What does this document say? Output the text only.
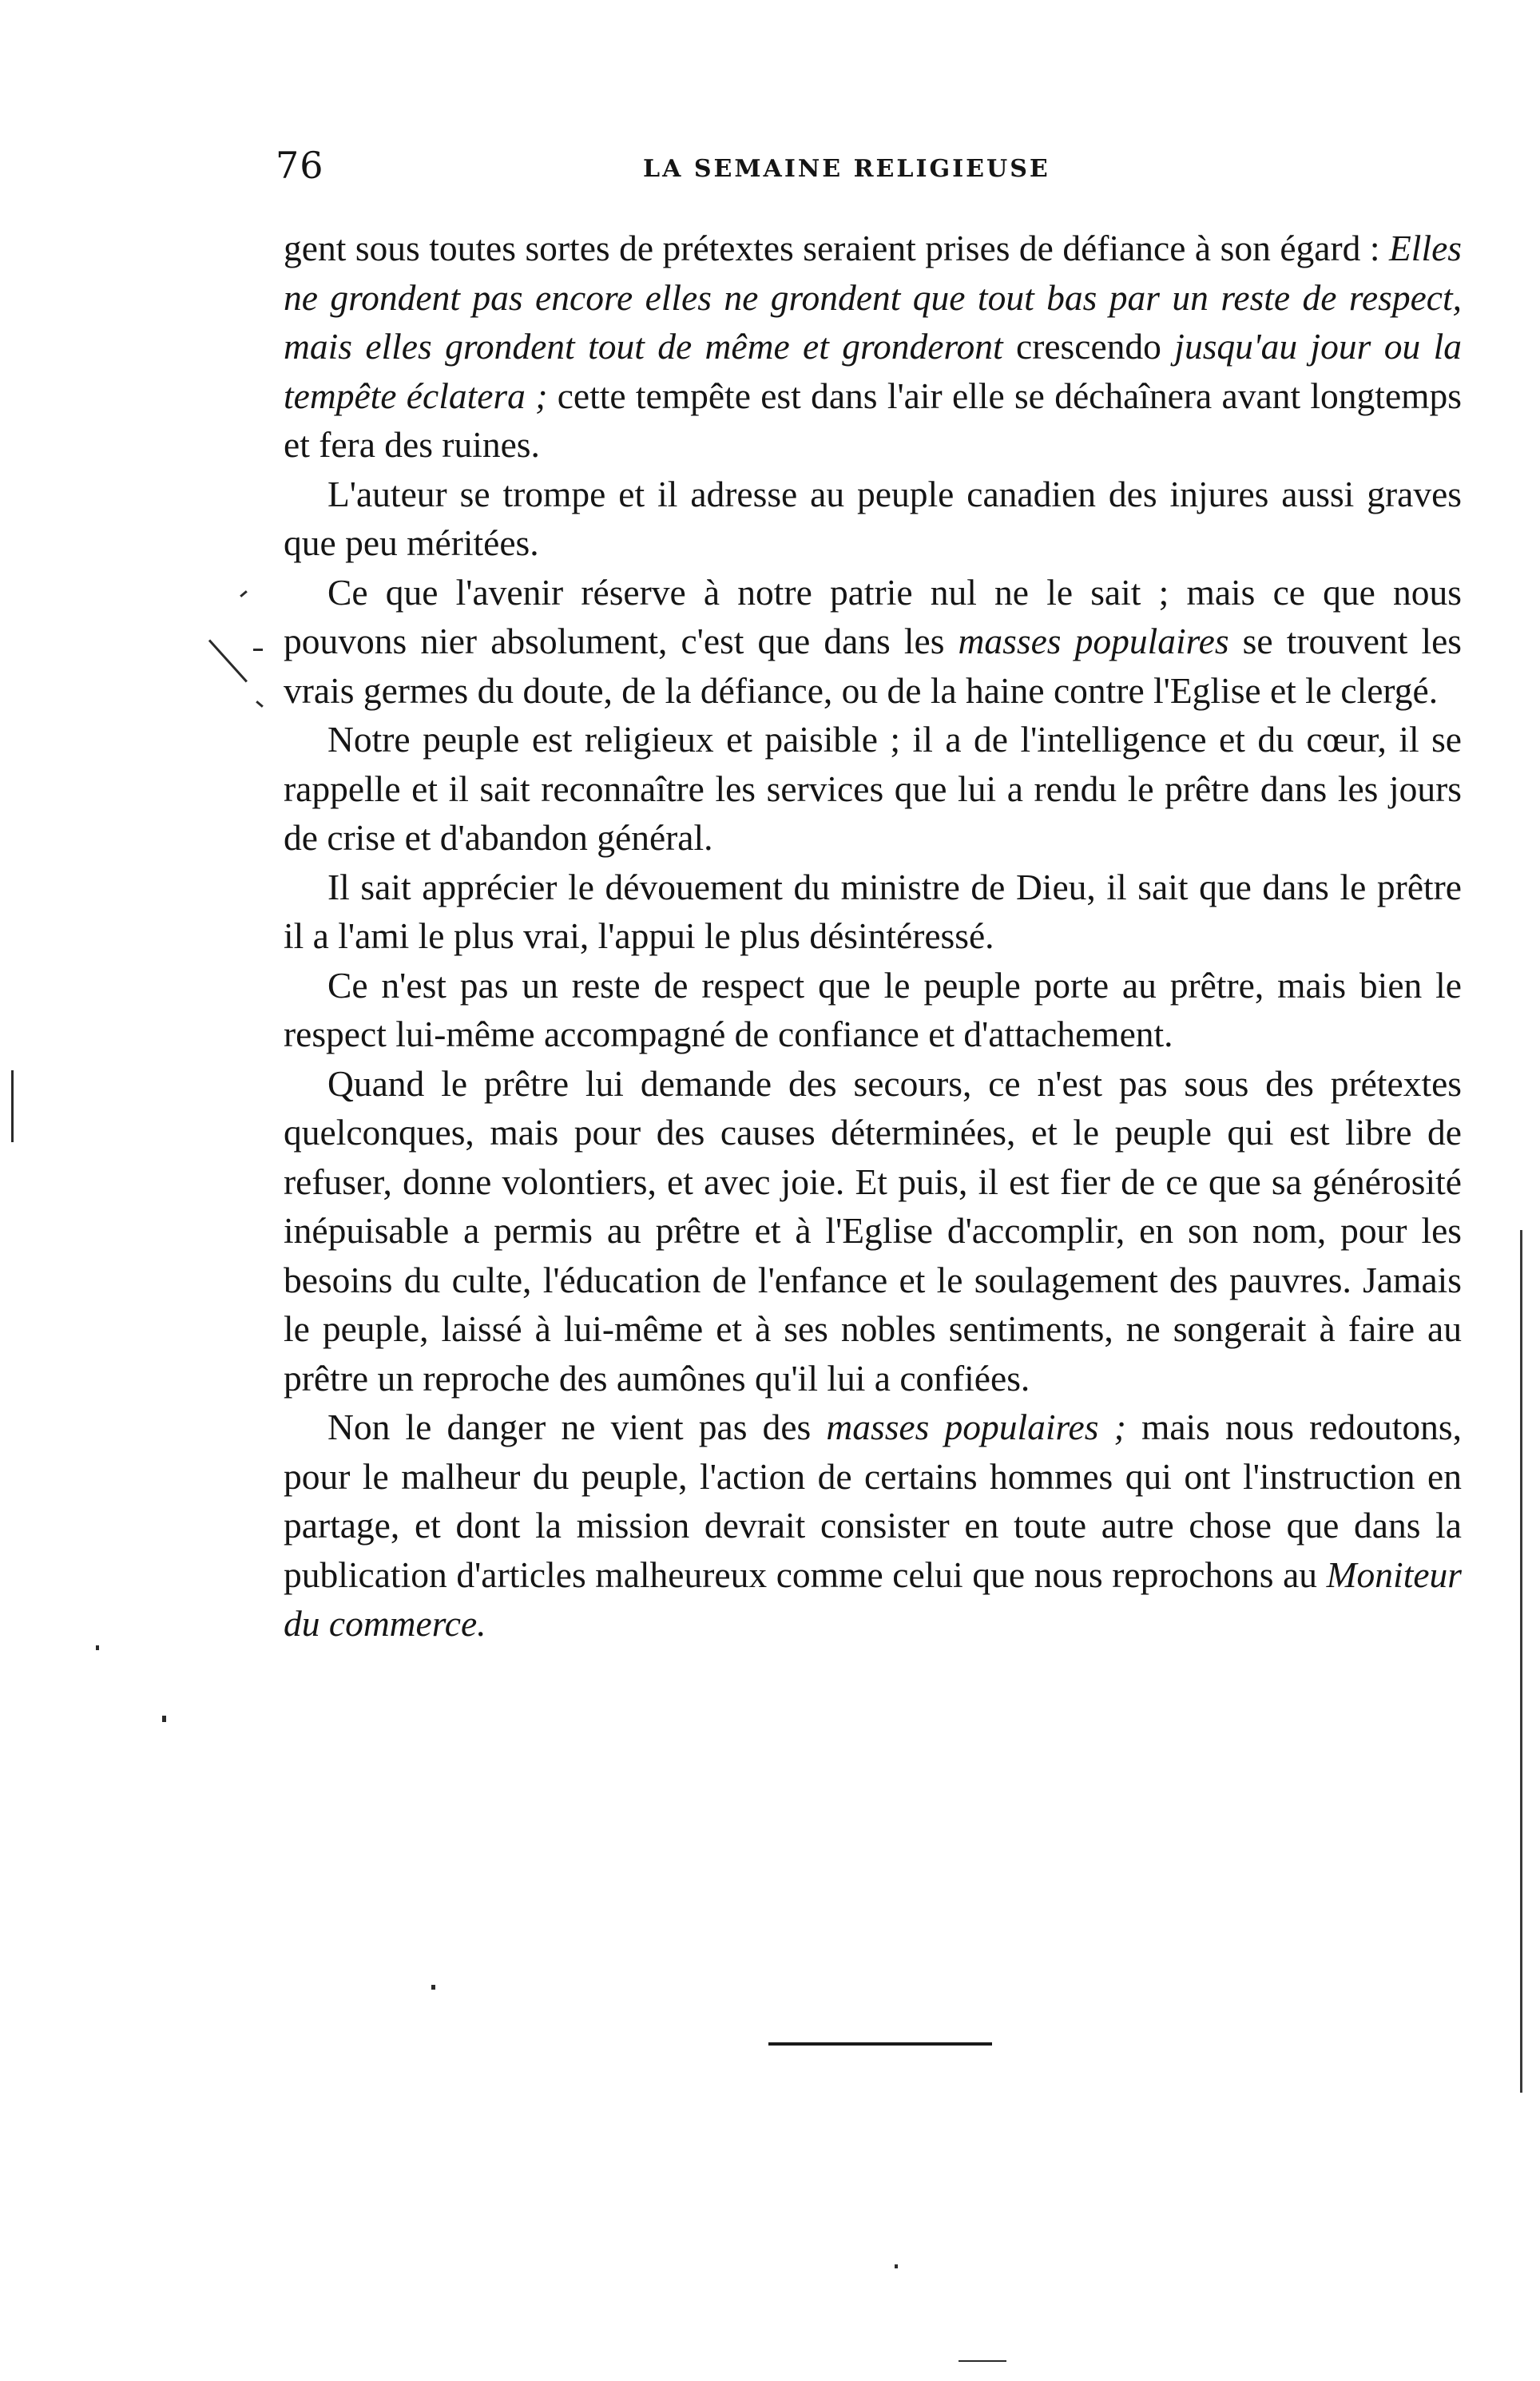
76	LA SEMAINE RELIGIEUSE

gent sous toutes sortes de prétextes seraient prises de défiance à son égard : Elles ne grondent pas encore elles ne grondent que tout bas par un reste de respect, mais elles grondent tout de même et gronderont crescendo jusqu'au jour ou la tempête éclatera ; cette tempête est dans l'air elle se déchaînera avant longtemps et fera des ruines.

L'auteur se trompe et il adresse au peuple canadien des injures aussi graves que peu méritées.

Ce que l'avenir réserve à notre patrie nul ne le sait ; mais ce que nous pouvons nier absolument, c'est que dans les masses populaires se trouvent les vrais germes du doute, de la défiance, ou de la haine contre l'Eglise et le clergé.

Notre peuple est religieux et paisible ; il a de l'intelligence et du cœur, il se rappelle et il sait reconnaître les services que lui a rendu le prêtre dans les jours de crise et d'abandon général.

Il sait apprécier le dévouement du ministre de Dieu, il sait que dans le prêtre il a l'ami le plus vrai, l'appui le plus désintéressé.

Ce n'est pas un reste de respect que le peuple porte au prêtre, mais bien le respect lui-même accompagné de confiance et d'attachement.

Quand le prêtre lui demande des secours, ce n'est pas sous des prétextes quelconques, mais pour des causes déterminées, et le peuple qui est libre de refuser, donne volontiers, et avec joie. Et puis, il est fier de ce que sa générosité inépuisable a permis au prêtre et à l'Eglise d'accomplir, en son nom, pour les besoins du culte, l'éducation de l'enfance et le soulagement des pauvres. Jamais le peuple, laissé à lui-même et à ses nobles sentiments, ne songerait à faire au prêtre un reproche des aumônes qu'il lui a confiées.

Non le danger ne vient pas des masses populaires ; mais nous redoutons, pour le malheur du peuple, l'action de certains hommes qui ont l'instruction en partage, et dont la mission devrait consister en toute autre chose que dans la publication d'articles malheureux comme celui que nous reprochons au Moniteur du commerce.
